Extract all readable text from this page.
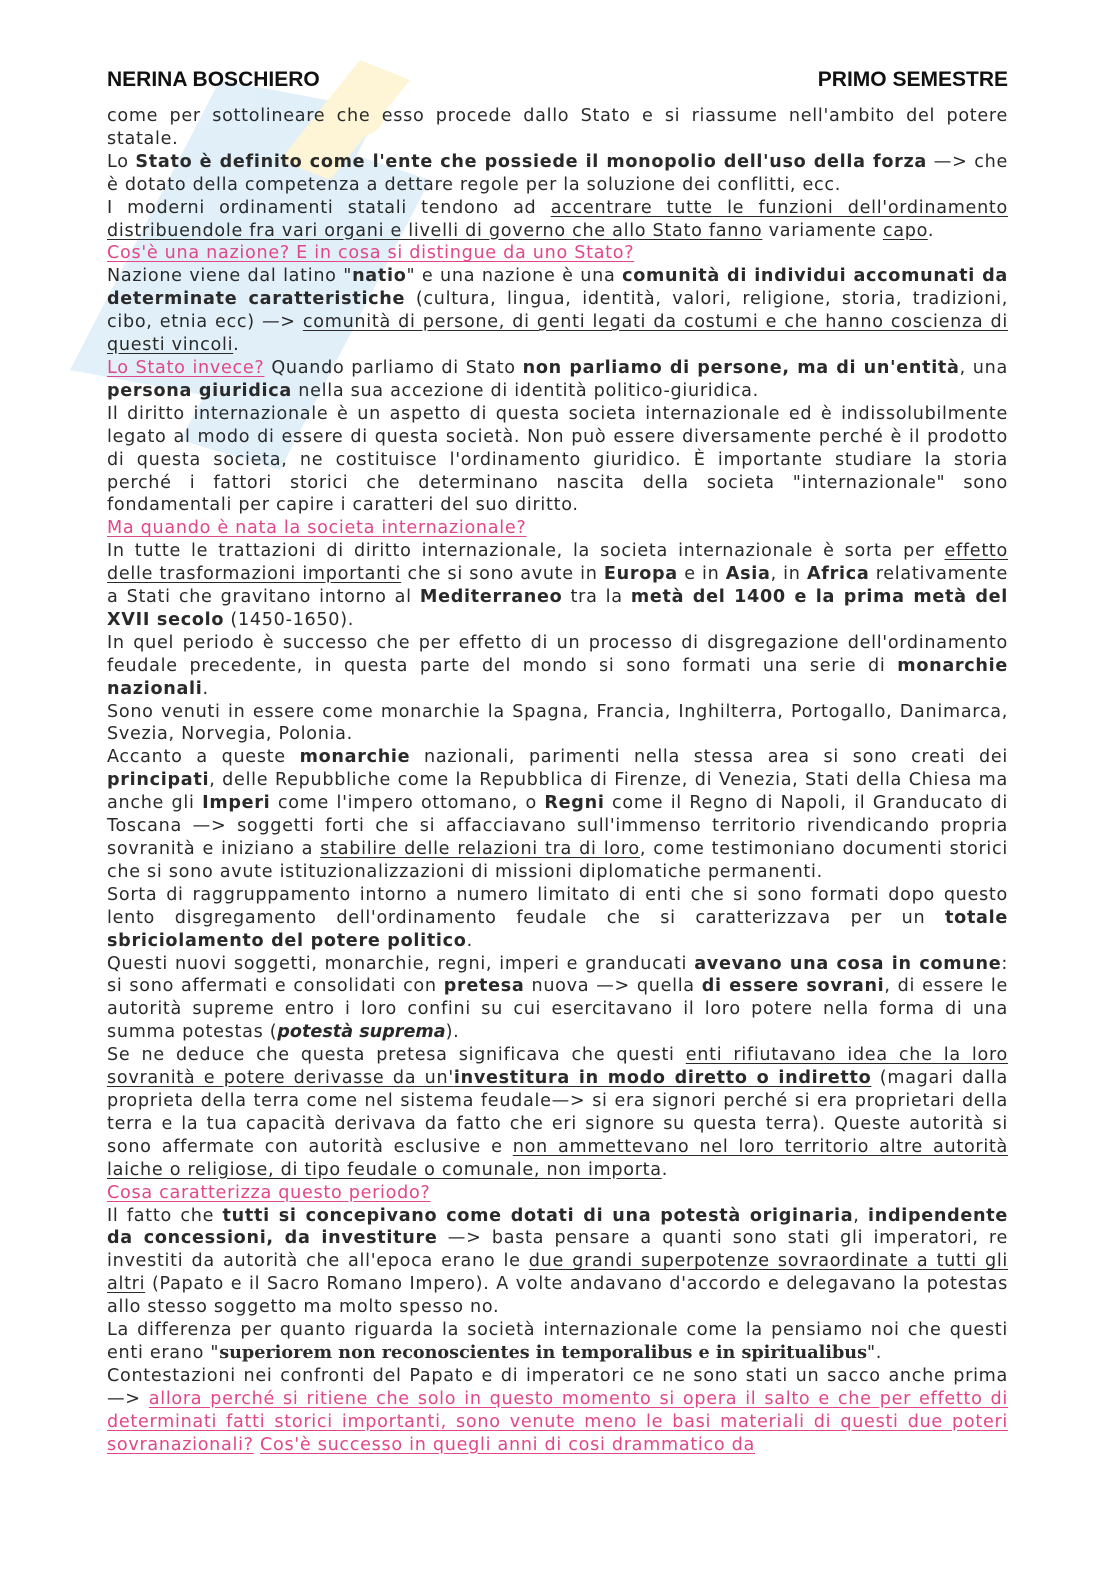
NERINA BOSCHIERO	PRIMO SEMESTRE

come per sottolineare che esso procede dallo Stato e si riassume nell'ambito del potere statale.

Lo Stato è definito come l'ente che possiede il monopolio dell'uso della forza —> che è dotato della competenza a dettare regole per la soluzione dei conflitti, ecc.

I moderni ordinamenti statali tendono ad accentrare tutte le funzioni dell'ordinamento distribuendole fra vari organi e livelli di governo che allo Stato fanno variamente capo.

Cos'è una nazione? E in cosa si distingue da uno Stato?

Nazione viene dal latino "natio" e una nazione è una comunità di individui accomunati da determinate caratteristiche (cultura, lingua, identità, valori, religione, storia, tradizioni, cibo, etnia ecc) —> comunità di persone, di genti legati da costumi e che hanno coscienza di questi vincoli.

Lo Stato invece? Quando parliamo di Stato non parliamo di persone, ma di un'entità, una persona giuridica nella sua accezione di identità politico-giuridica.

Il diritto internazionale è un aspetto di questa societa internazionale ed è indissolubilmente legato al modo di essere di questa società. Non può essere diversamente perché è il prodotto di questa societa, ne costituisce l'ordinamento giuridico. È importante studiare la storia perché i fattori storici che determinano nascita della societa "internazionale" sono fondamentali per capire i caratteri del suo diritto.

Ma quando è nata la societa internazionale?

In tutte le trattazioni di diritto internazionale, la societa internazionale è sorta per effetto delle trasformazioni importanti che si sono avute in Europa e in Asia, in Africa relativamente a Stati che gravitano intorno al Mediterraneo tra la metà del 1400 e la prima metà del XVII secolo (1450-1650).

In quel periodo è successo che per effetto di un processo di disgregazione dell'ordinamento feudale precedente, in questa parte del mondo si sono formati una serie di monarchie nazionali.

Sono venuti in essere come monarchie la Spagna, Francia, Inghilterra, Portogallo, Danimarca, Svezia, Norvegia, Polonia.

Accanto a queste monarchie nazionali, parimenti nella stessa area si sono creati dei principati, delle Repubbliche come la Repubblica di Firenze, di Venezia, Stati della Chiesa ma anche gli Imperi come l'impero ottomano, o Regni come il Regno di Napoli, il Granducato di Toscana —> soggetti forti che si affacciavano sull'immenso territorio rivendicando propria sovranità e iniziano a stabilire delle relazioni tra di loro, come testimoniano documenti storici che si sono avute istituzionalizzazioni di missioni diplomatiche permanenti.

Sorta di raggruppamento intorno a numero limitato di enti che si sono formati dopo questo lento disgregamento dell'ordinamento feudale che si caratterizzava per un totale sbriciolamento del potere politico.

Questi nuovi soggetti, monarchie, regni, imperi e granducati avevano una cosa in comune: si sono affermati e consolidati con pretesa nuova —> quella di essere sovrani, di essere le autorità supreme entro i loro confini su cui esercitavano il loro potere nella forma di una summa potestas (potestà suprema).

Se ne deduce che questa pretesa significava che questi enti rifiutavano idea che la loro sovranità e potere derivasse da un'investitura in modo diretto o indiretto (magari dalla proprieta della terra come nel sistema feudale—> si era signori perché si era proprietari della terra e la tua capacità derivava da fatto che eri signore su questa terra). Queste autorità si sono affermate con autorità esclusive e non ammettevano nel loro territorio altre autorità laiche o religiose, di tipo feudale o comunale, non importa.

Cosa caratterizza questo periodo?

Il fatto che tutti si concepivano come dotati di una potestà originaria, indipendente da concessioni, da investiture —> basta pensare a quanti sono stati gli imperatori, re investiti da autorità che all'epoca erano le due grandi superpotenze sovraordinate a tutti gli altri (Papato e il Sacro Romano Impero). A volte andavano d'accordo e delegavano la potestas allo stesso soggetto ma molto spesso no.

La differenza per quanto riguarda la società internazionale come la pensiamo noi che questi enti erano "superiorem non reconoscientes in temporalibus e in spiritualibus".

Contestazioni nei confronti del Papato e di imperatori ce ne sono stati un sacco anche prima —> allora perché si ritiene che solo in questo momento si opera il salto e che per effetto di determinati fatti storici importanti, sono venute meno le basi materiali di questi due poteri sovranazionali? Cos'è successo in quegli anni di cosi drammatico da
